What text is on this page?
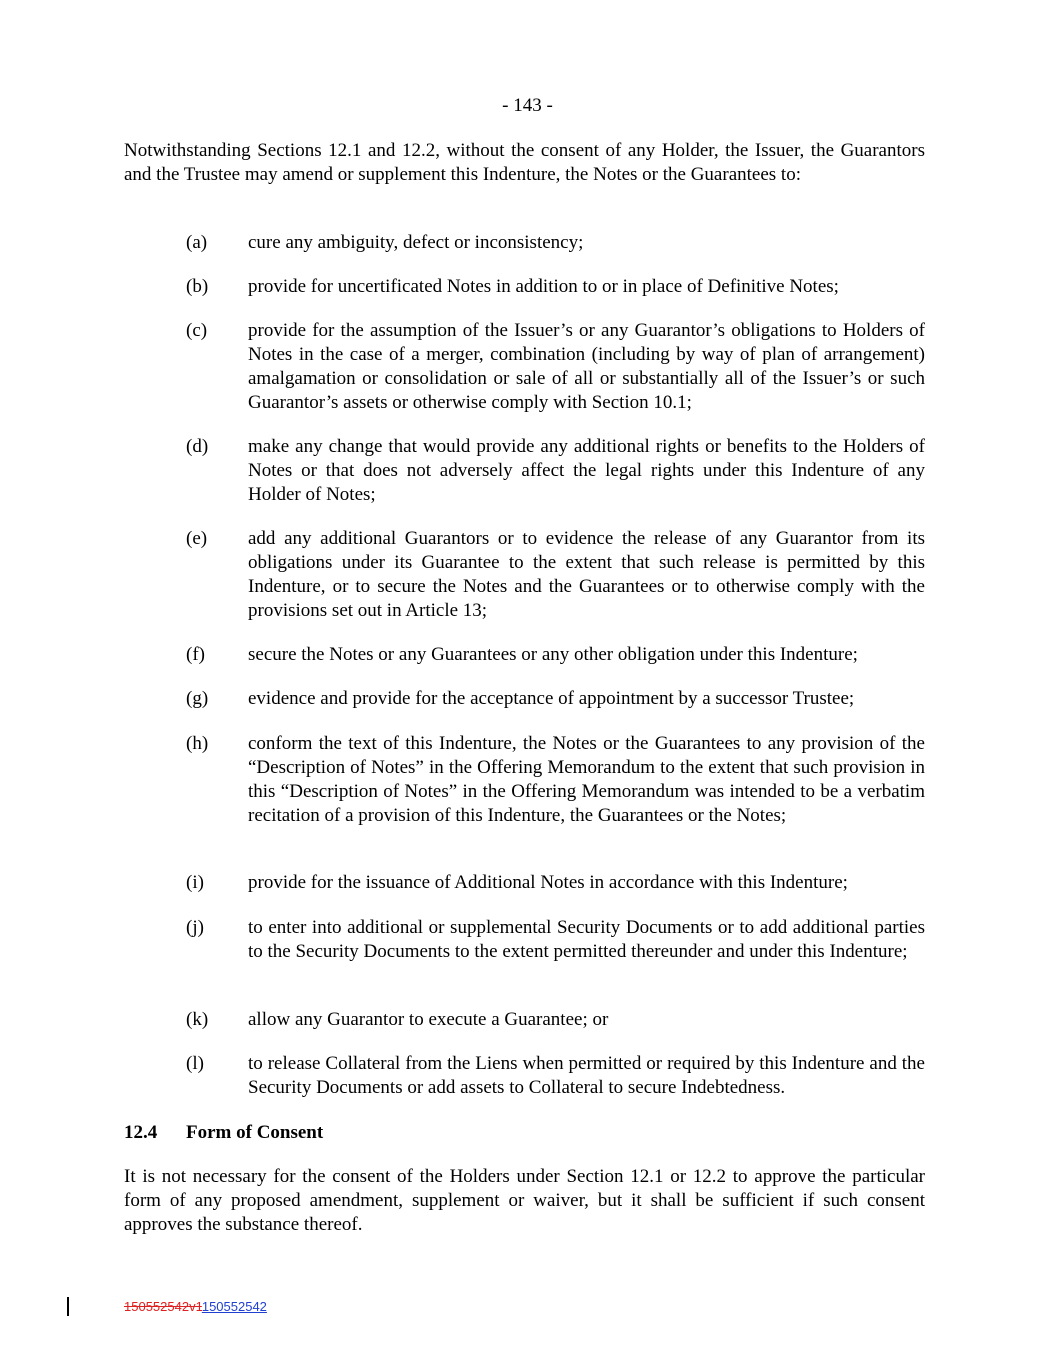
- 143 -
Notwithstanding Sections 12.1 and 12.2, without the consent of any Holder, the Issuer, the Guarantors and the Trustee may amend or supplement this Indenture, the Notes or the Guarantees to:
(a)	cure any ambiguity, defect or inconsistency;
(b)	provide for uncertificated Notes in addition to or in place of Definitive Notes;
(c)	provide for the assumption of the Issuer’s or any Guarantor’s obligations to Holders of Notes in the case of a merger, combination (including by way of plan of arrangement) amalgamation or consolidation or sale of all or substantially all of the Issuer’s or such Guarantor’s assets or otherwise comply with Section 10.1;
(d)	make any change that would provide any additional rights or benefits to the Holders of Notes or that does not adversely affect the legal rights under this Indenture of any Holder of Notes;
(e)	add any additional Guarantors or to evidence the release of any Guarantor from its obligations under its Guarantee to the extent that such release is permitted by this Indenture, or to secure the Notes and the Guarantees or to otherwise comply with the provisions set out in Article 13;
(f)	secure the Notes or any Guarantees or any other obligation under this Indenture;
(g)	evidence and provide for the acceptance of appointment by a successor Trustee;
(h)	conform the text of this Indenture, the Notes or the Guarantees to any provision of the “Description of Notes” in the Offering Memorandum to the extent that such provision in this “Description of Notes” in the Offering Memorandum was intended to be a verbatim recitation of a provision of this Indenture, the Guarantees or the Notes;
(i)	provide for the issuance of Additional Notes in accordance with this Indenture;
(j)	to enter into additional or supplemental Security Documents or to add additional parties to the Security Documents to the extent permitted thereunder and under this Indenture;
(k)	allow any Guarantor to execute a Guarantee; or
(l)	to release Collateral from the Liens when permitted or required by this Indenture and the Security Documents or add assets to Collateral to secure Indebtedness.
12.4 Form of Consent
It is not necessary for the consent of the Holders under Section 12.1 or 12.2 to approve the particular form of any proposed amendment, supplement or waiver, but it shall be sufficient if such consent approves the substance thereof.
150552542v1150552542
